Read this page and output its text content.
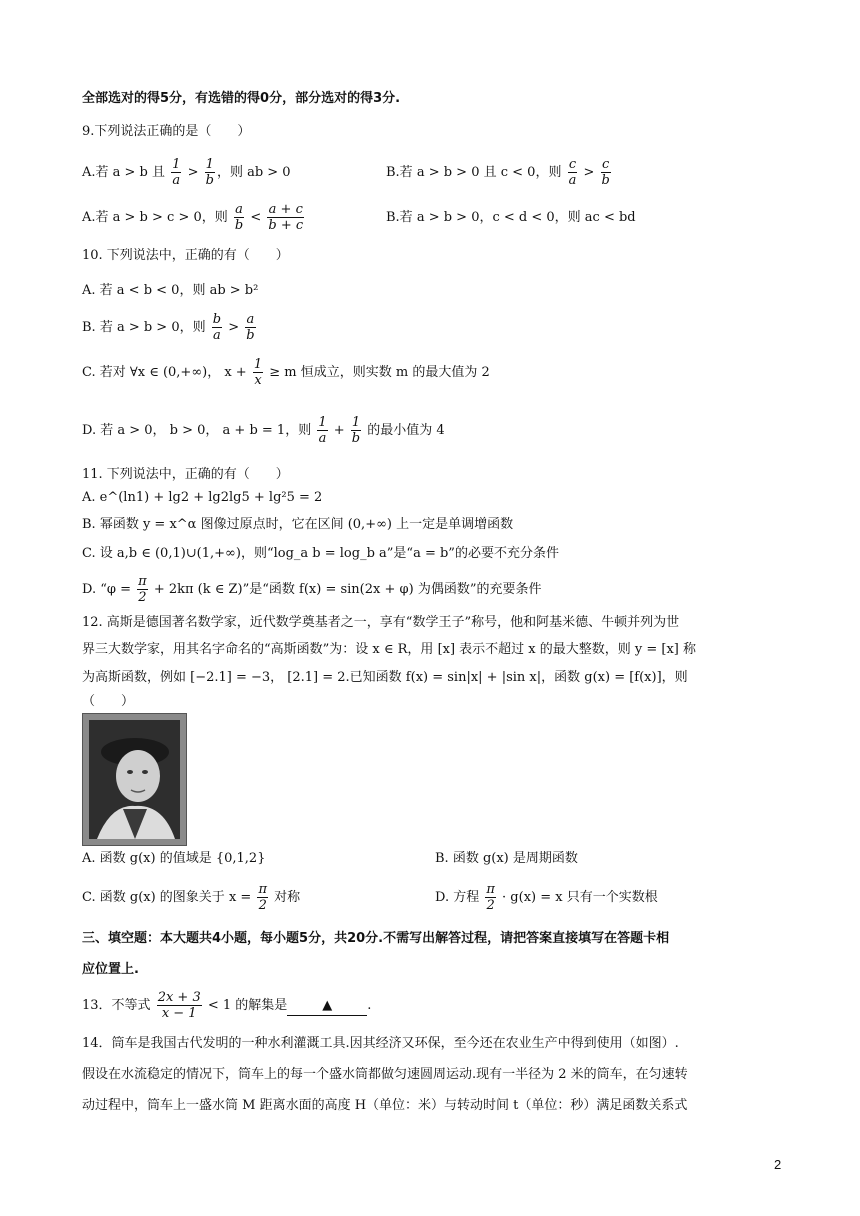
全部选对的得5分，有选错的得0分，部分选对的得3分.
9.下列说法正确的是（　　）
A.若 a > b 且 $\frac{1}{a} > \frac{1}{b}$ ，则 ab > 0	B.若 a > b > 0 且 c < 0，则 $\frac{c}{a} > \frac{c}{b}$
A.若 a > b > c > 0，则 $\frac{a}{b} < \frac{a + c}{b + c}$	B.若 a > b > 0，c < d < 0，则 ac < bd
10. 下列说法中，正确的有（　　）
A. 若 a < b < 0，则 ab > b²
B. 若 a > b > 0，则 $\frac{b}{a} > \frac{a}{b}$
C. 若对 ∀x ∈ (0,+∞)， $x + \frac{1}{x} \ge m$ 恒成立，则实数 m 的最大值为 2
D. 若 a > 0， b > 0， a + b = 1，则 $\frac{1}{a} + \frac{1}{b}$ 的最小值为 4
11. 下列说法中，正确的有（　　）
A. e^(ln1) + lg2 + lg2lg5 + lg²5 = 2
B. 幂函数 y = x^α 图像过原点时，它在区间 (0,+∞) 上一定是单调增函数
C. 设 a,b ∈ (0,1)∪(1,+∞)，则“log_a b = log_b a”是“a = b”的必要不充分条件
D. “$\varphi = \frac{\pi}{2} + 2k\pi$ (k ∈ Z)”是“函数 f(x) = sin(2x + φ) 为偶函数”的充要条件
12. 高斯是德国著名数学家，近代数学奠基者之一，享有“数学王子”称号，他和阿基米德、牛顿并列为世
界三大数学家，用其名字命名的“高斯函数”为：设 x ∈ R，用 [x] 表示不超过 x 的最大整数，则 y = [x] 称
为高斯函数，例如 [−2.1] = −3， [2.1] = 2.已知函数 f(x) = sin|x| + |sin x|，函数 g(x) = [f(x)]，则
（　　）
A. 函数 g(x) 的值域是 {0,1,2}	B. 函数 g(x) 是周期函数
C. 函数 g(x) 的图象关于 $x = \frac{\pi}{2}$ 对称	D. 方程 $\frac{\pi}{2} \cdot g(x) = x$ 只有一个实数根
三、填空题：本大题共4小题，每小题5分，共20分.不需写出解答过程，请把答案直接填写在答题卡相
应位置上.
13．不等式 $\frac{2x + 3}{x - 1} < 1$ 的解集是	▲	.
14．筒车是我国古代发明的一种水利灌溉工具.因其经济又环保，至今还在农业生产中得到使用（如图）.
假设在水流稳定的情况下，筒车上的每一个盛水筒都做匀速圆周运动.现有一半径为 2 米的筒车，在匀速转
动过程中，筒车上一盛水筒 M 距离水面的高度 H（单位：米）与转动时间 t（单位：秒）满足函数关系式
2
